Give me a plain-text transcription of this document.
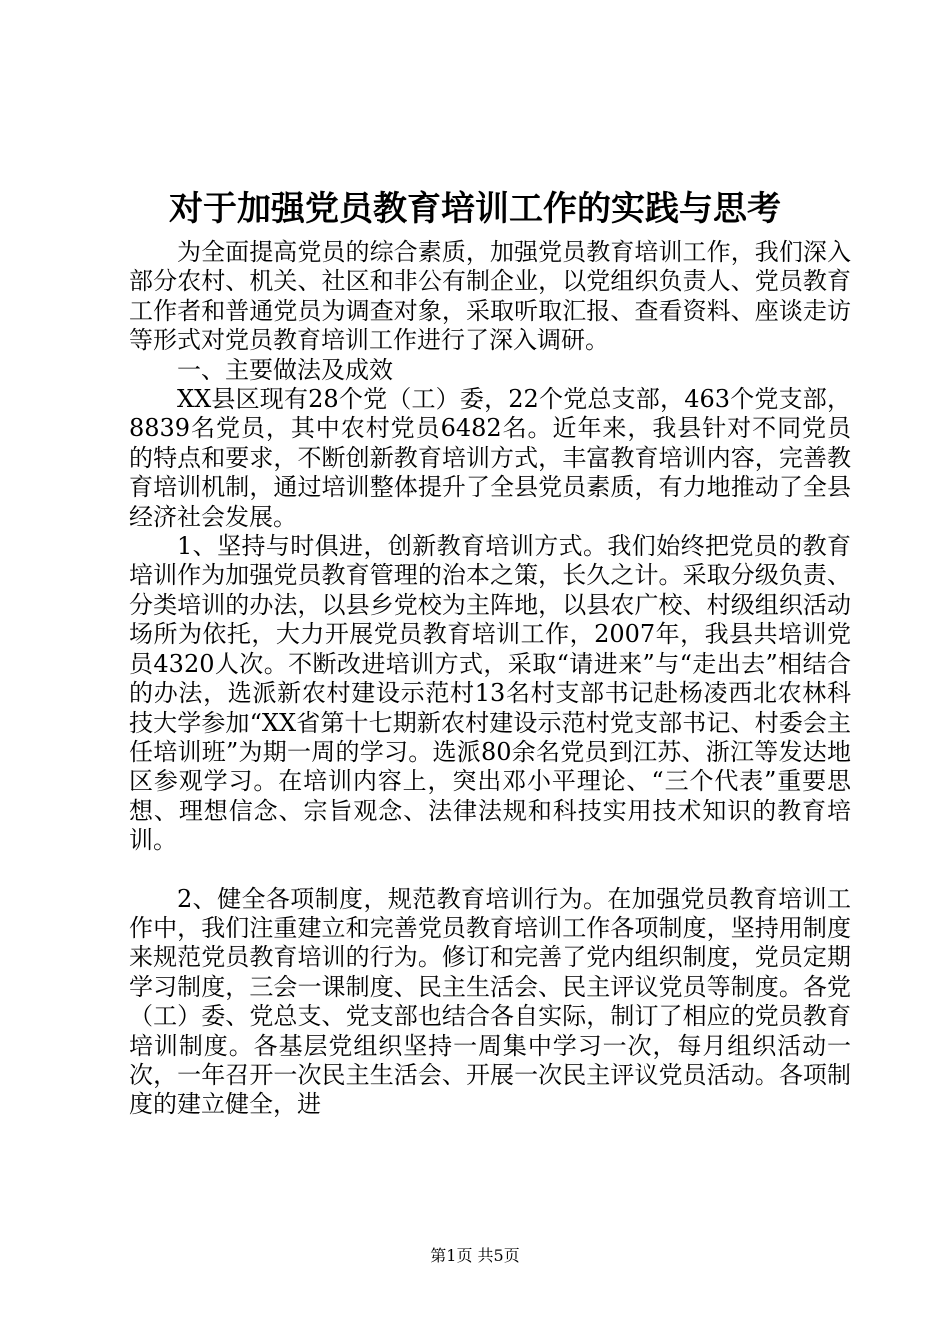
对于加强党员教育培训工作的实践与思考

为全面提高党员的综合素质，加强党员教育培训工作，我们深入部分农村、机关、社区和非公有制企业，以党组织负责人、党员教育工作者和普通党员为调查对象，采取听取汇报、查看资料、座谈走访等形式对党员教育培训工作进行了深入调研。

一、主要做法及成效

XX县区现有28个党（工）委，22个党总支部，463个党支部，8839名党员，其中农村党员6482名。近年来，我县针对不同党员的特点和要求，不断创新教育培训方式，丰富教育培训内容，完善教育培训机制，通过培训整体提升了全县党员素质，有力地推动了全县经济社会发展。

1、坚持与时俱进，创新教育培训方式。我们始终把党员的教育培训作为加强党员教育管理的治本之策，长久之计。采取分级负责、分类培训的办法，以县乡党校为主阵地，以县农广校、村级组织活动场所为依托，大力开展党员教育培训工作，2007年，我县共培训党员4320人次。不断改进培训方式，采取“请进来”与“走出去”相结合的办法，选派新农村建设示范村13名村支部书记赴杨凌西北农林科技大学参加“XX省第十七期新农村建设示范村党支部书记、村委会主任培训班”为期一周的学习。选派80余名党员到江苏、浙江等发达地区参观学习。在培训内容上，突出邓小平理论、“三个代表”重要思想、理想信念、宗旨观念、法律法规和科技实用技术知识的教育培训。

2、健全各项制度，规范教育培训行为。在加强党员教育培训工作中，我们注重建立和完善党员教育培训工作各项制度，坚持用制度来规范党员教育培训的行为。修订和完善了党内组织制度，党员定期学习制度，三会一课制度、民主生活会、民主评议党员等制度。各党（工）委、党总支、党支部也结合各自实际，制订了相应的党员教育培训制度。各基层党组织坚持一周集中学习一次，每月组织活动一次，一年召开一次民主生活会、开展一次民主评议党员活动。各项制度的建立健全，进

第1页 共5页
